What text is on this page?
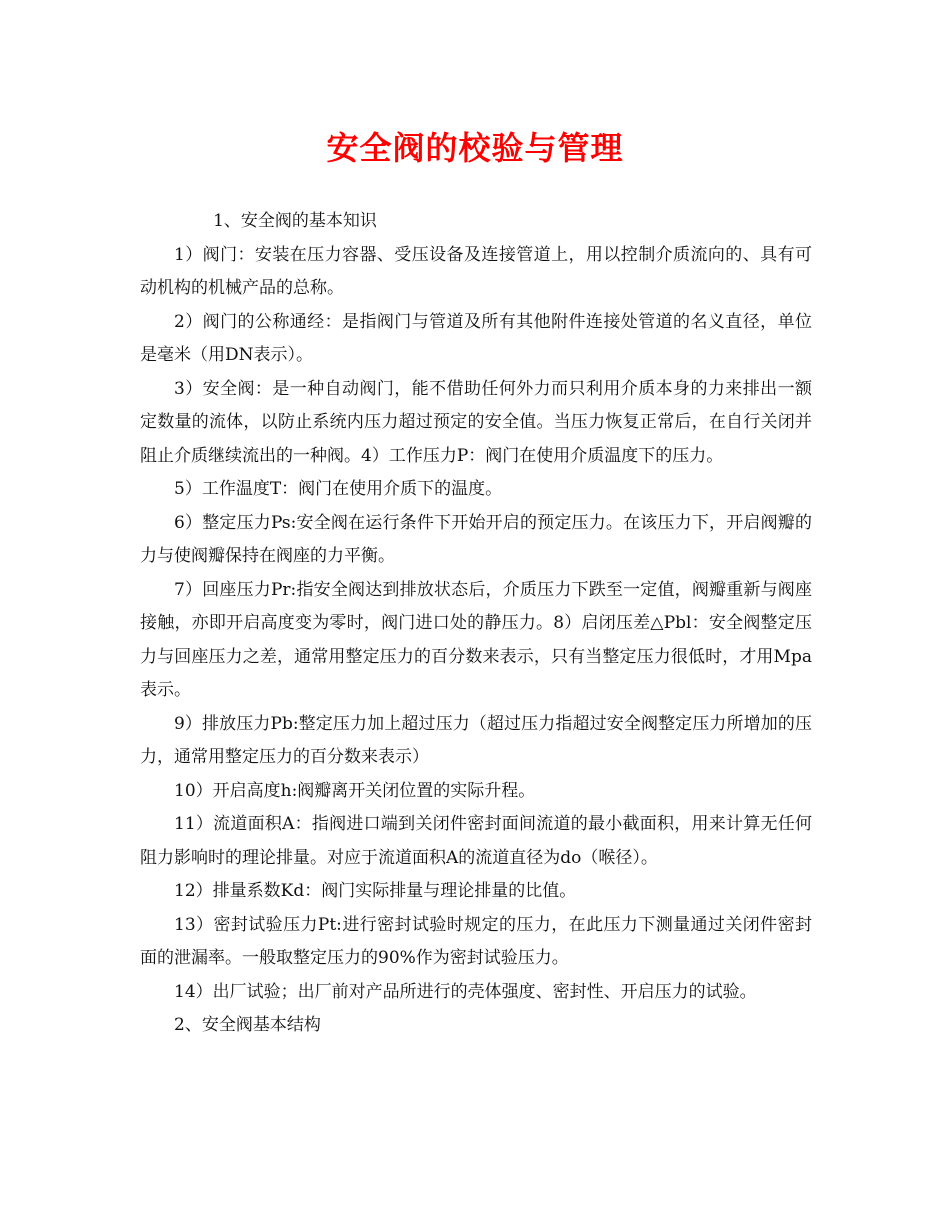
安全阀的校验与管理

1、安全阀的基本知识

1）阀门：安装在压力容器、受压设备及连接管道上，用以控制介质流向的、具有可动机构的机械产品的总称。

2）阀门的公称通经：是指阀门与管道及所有其他附件连接处管道的名义直径，单位是毫米（用DN表示）。

3）安全阀：是一种自动阀门，能不借助任何外力而只利用介质本身的力来排出一额定数量的流体，以防止系统内压力超过预定的安全值。当压力恢复正常后，在自行关闭并阻止介质继续流出的一种阀。4）工作压力P：阀门在使用介质温度下的压力。

5）工作温度T：阀门在使用介质下的温度。

6）整定压力Ps:安全阀在运行条件下开始开启的预定压力。在该压力下，开启阀瓣的力与使阀瓣保持在阀座的力平衡。

7）回座压力Pr:指安全阀达到排放状态后，介质压力下跌至一定值，阀瓣重新与阀座接触，亦即开启高度变为零时，阀门进口处的静压力。8）启闭压差△Pbl：安全阀整定压力与回座压力之差，通常用整定压力的百分数来表示，只有当整定压力很低时，才用Mpa表示。

9）排放压力Pb:整定压力加上超过压力（超过压力指超过安全阀整定压力所增加的压力，通常用整定压力的百分数来表示）

10）开启高度h:阀瓣离开关闭位置的实际升程。

11）流道面积A：指阀进口端到关闭件密封面间流道的最小截面积，用来计算无任何阻力影响时的理论排量。对应于流道面积A的流道直径为do（喉径）。

12）排量系数Kd：阀门实际排量与理论排量的比值。

13）密封试验压力Pt:进行密封试验时规定的压力，在此压力下测量通过关闭件密封面的泄漏率。一般取整定压力的90%作为密封试验压力。

14）出厂试验；出厂前对产品所进行的壳体强度、密封性、开启压力的试验。

2、安全阀基本结构
